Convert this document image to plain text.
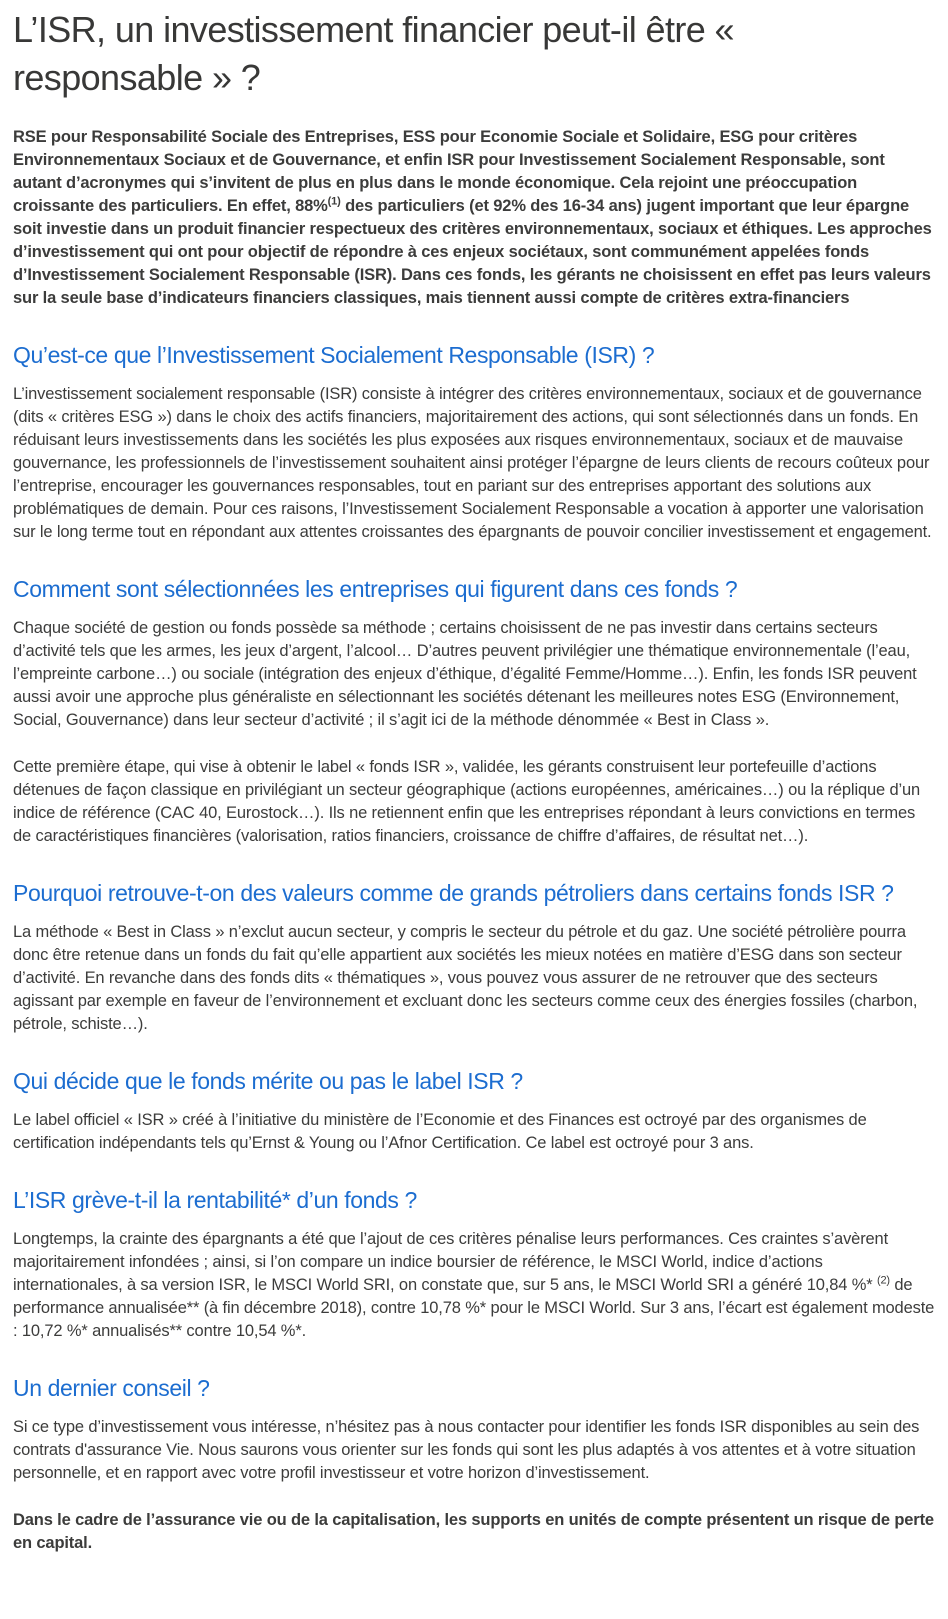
L’ISR, un investissement financier peut-il être « responsable » ?

RSE pour Responsabilité Sociale des Entreprises, ESS pour Economie Sociale et Solidaire, ESG pour critères Environnementaux Sociaux et de Gouvernance, et enfin ISR pour Investissement Socialement Responsable, sont autant d’acronymes qui s’invitent de plus en plus dans le monde économique. Cela rejoint une préoccupation croissante des particuliers. En effet, 88%$^{(1)}$ des particuliers (et 92% des 16-34 ans) jugent important que leur épargne soit investie dans un produit financier respectueux des critères environnementaux, sociaux et éthiques. Les approches d’investissement qui ont pour objectif de répondre à ces enjeux sociétaux, sont communément appelées fonds d’Investissement Socialement Responsable (ISR). Dans ces fonds, les gérants ne choisissent en effet pas leurs valeurs sur la seule base d’indicateurs financiers classiques, mais tiennent aussi compte de critères extra-financiers

Qu’est-ce que l’Investissement Socialement Responsable (ISR) ?

L’investissement socialement responsable (ISR) consiste à intégrer des critères environnementaux, sociaux et de gouvernance (dits « critères ESG ») dans le choix des actifs financiers, majoritairement des actions, qui sont sélectionnés dans un fonds. En réduisant leurs investissements dans les sociétés les plus exposées aux risques environnementaux, sociaux et de mauvaise gouvernance, les professionnels de l’investissement souhaitent ainsi protéger l’épargne de leurs clients de recours coûteux pour l’entreprise, encourager les gouvernances responsables, tout en pariant sur des entreprises apportant des solutions aux problématiques de demain. Pour ces raisons, l’Investissement Socialement Responsable a vocation à apporter une valorisation sur le long terme tout en répondant aux attentes croissantes des épargnants de pouvoir concilier investissement et engagement.

Comment sont sélectionnées les entreprises qui figurent dans ces fonds ?

Chaque société de gestion ou fonds possède sa méthode ; certains choisissent de ne pas investir dans certains secteurs d’activité tels que les armes, les jeux d’argent, l’alcool… D’autres peuvent privilégier une thématique environnementale (l’eau, l’empreinte carbone…) ou sociale (intégration des enjeux d’éthique, d’égalité Femme/Homme…). Enfin, les fonds ISR peuvent aussi avoir une approche plus généraliste en sélectionnant les sociétés détenant les meilleures notes ESG (Environnement, Social, Gouvernance) dans leur secteur d’activité ; il s’agit ici de la méthode dénommée « Best in Class ».

Cette première étape, qui vise à obtenir le label « fonds ISR », validée, les gérants construisent leur portefeuille d’actions détenues de façon classique en privilégiant un secteur géographique (actions européennes, américaines…) ou la réplique d’un indice de référence (CAC 40, Eurostock…). Ils ne retiennent enfin que les entreprises répondant à leurs convictions en termes de caractéristiques financières (valorisation, ratios financiers, croissance de chiffre d’affaires, de résultat net…).

Pourquoi retrouve-t-on des valeurs comme de grands pétroliers dans certains fonds ISR ?

La méthode « Best in Class » n’exclut aucun secteur, y compris le secteur du pétrole et du gaz. Une société pétrolière pourra donc être retenue dans un fonds du fait qu’elle appartient aux sociétés les mieux notées en matière d’ESG dans son secteur d’activité. En revanche dans des fonds dits « thématiques », vous pouvez vous assurer de ne retrouver que des secteurs agissant par exemple en faveur de l’environnement et excluant donc les secteurs comme ceux des énergies fossiles (charbon, pétrole, schiste…).

Qui décide que le fonds mérite ou pas le label ISR ?

Le label officiel « ISR » créé à l’initiative du ministère de l’Economie et des Finances est octroyé par des organismes de certification indépendants tels qu’Ernst & Young ou l’Afnor Certification. Ce label est octroyé pour 3 ans.

L’ISR grève-t-il la rentabilité* d’un fonds ?

Longtemps, la crainte des épargnants a été que l’ajout de ces critères pénalise leurs performances. Ces craintes s’avèrent majoritairement infondées ; ainsi, si l’on compare un indice boursier de référence, le MSCI World, indice d’actions internationales, à sa version ISR, le MSCI World SRI, on constate que, sur 5 ans, le MSCI World SRI a généré 10,84 %* $^{(2)}$ de performance annualisée** (à fin décembre 2018), contre 10,78 %* pour le MSCI World. Sur 3 ans, l’écart est également modeste : 10,72 %* annualisés** contre 10,54 %*.

Un dernier conseil ?

Si ce type d’investissement vous intéresse, n’hésitez pas à nous contacter pour identifier les fonds ISR disponibles au sein des contrats d'assurance Vie. Nous saurons vous orienter sur les fonds qui sont les plus adaptés à vos attentes et à votre situation personnelle, et en rapport avec votre profil investisseur et votre horizon d’investissement.

Dans le cadre de l’assurance vie ou de la capitalisation, les supports en unités de compte présentent un risque de perte en capital.
